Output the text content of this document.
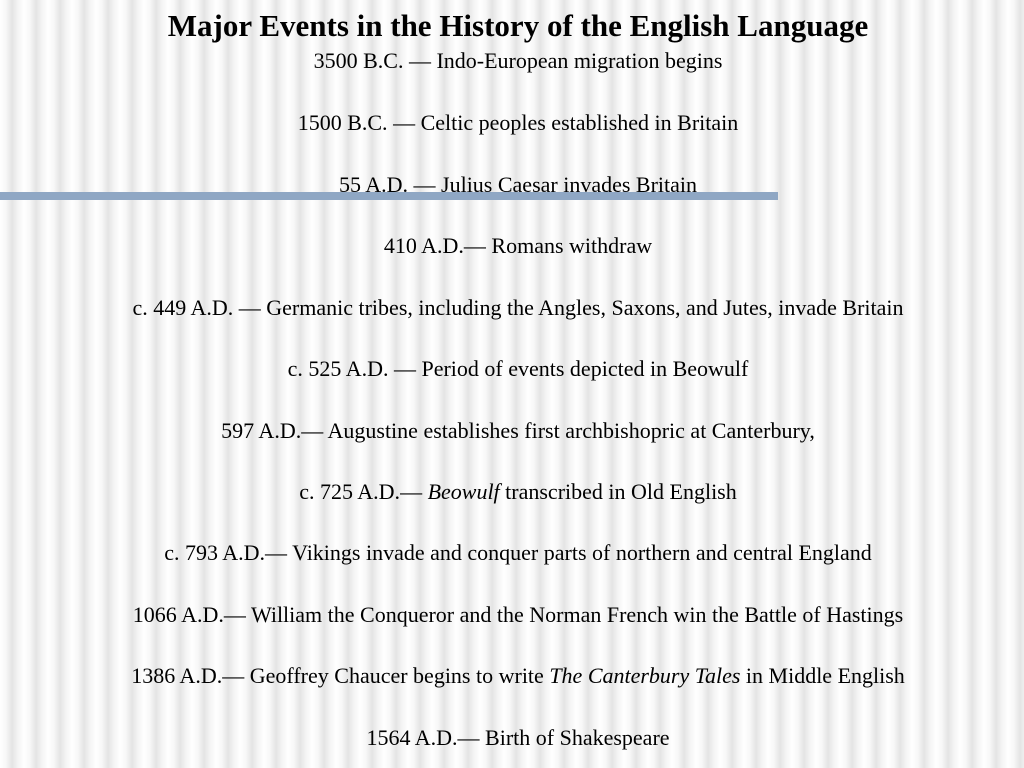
Major Events in the History of the English Language
3500 B.C. — Indo-European migration begins
1500 B.C. — Celtic peoples established in Britain
55 A.D. — Julius Caesar invades Britain
410 A.D.— Romans withdraw
c. 449 A.D. — Germanic tribes, including the Angles, Saxons, and Jutes, invade Britain
c. 525 A.D. — Period of events depicted in Beowulf
597 A.D.— Augustine establishes first archbishopric at Canterbury,
c. 725 A.D.— Beowulf transcribed in Old English
c. 793 A.D.— Vikings invade and conquer parts of northern and central England
1066 A.D.— William the Conqueror and the Norman French win the Battle of Hastings
1386 A.D.— Geoffrey Chaucer begins to write The Canterbury Tales in Middle English
1564 A.D.— Birth of Shakespeare
